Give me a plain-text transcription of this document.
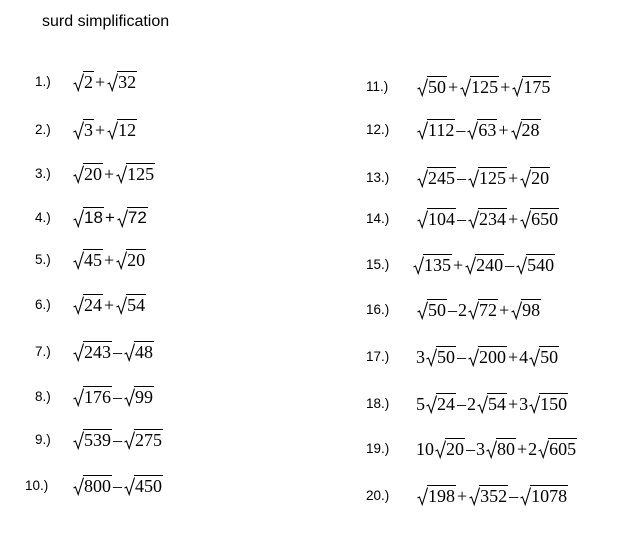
surd simplification
1.)	2 + 32
2.)	3 + 12
3.)	20 + 125
4.)	18 + 72
5.)	45 + 20
6.)	24 + 54
7.)	243 – 48
8.)	176 – 99
9.)	539 – 275
10.)	800 – 450
11.)	50 + 125 + 175
12.)	112 – 63 + 28
13.)	245 – 125 + 20
14.)	104 – 234 + 650
15.)	135 + 240 – 540
16.)	50 –2 72 + 98
17.) 3 50 – 200 +4 50
18.) 5 24 –2 54 +3 150
19.) 10 20 –3 80 +2 605
20.)	198 + 352 – 1078
